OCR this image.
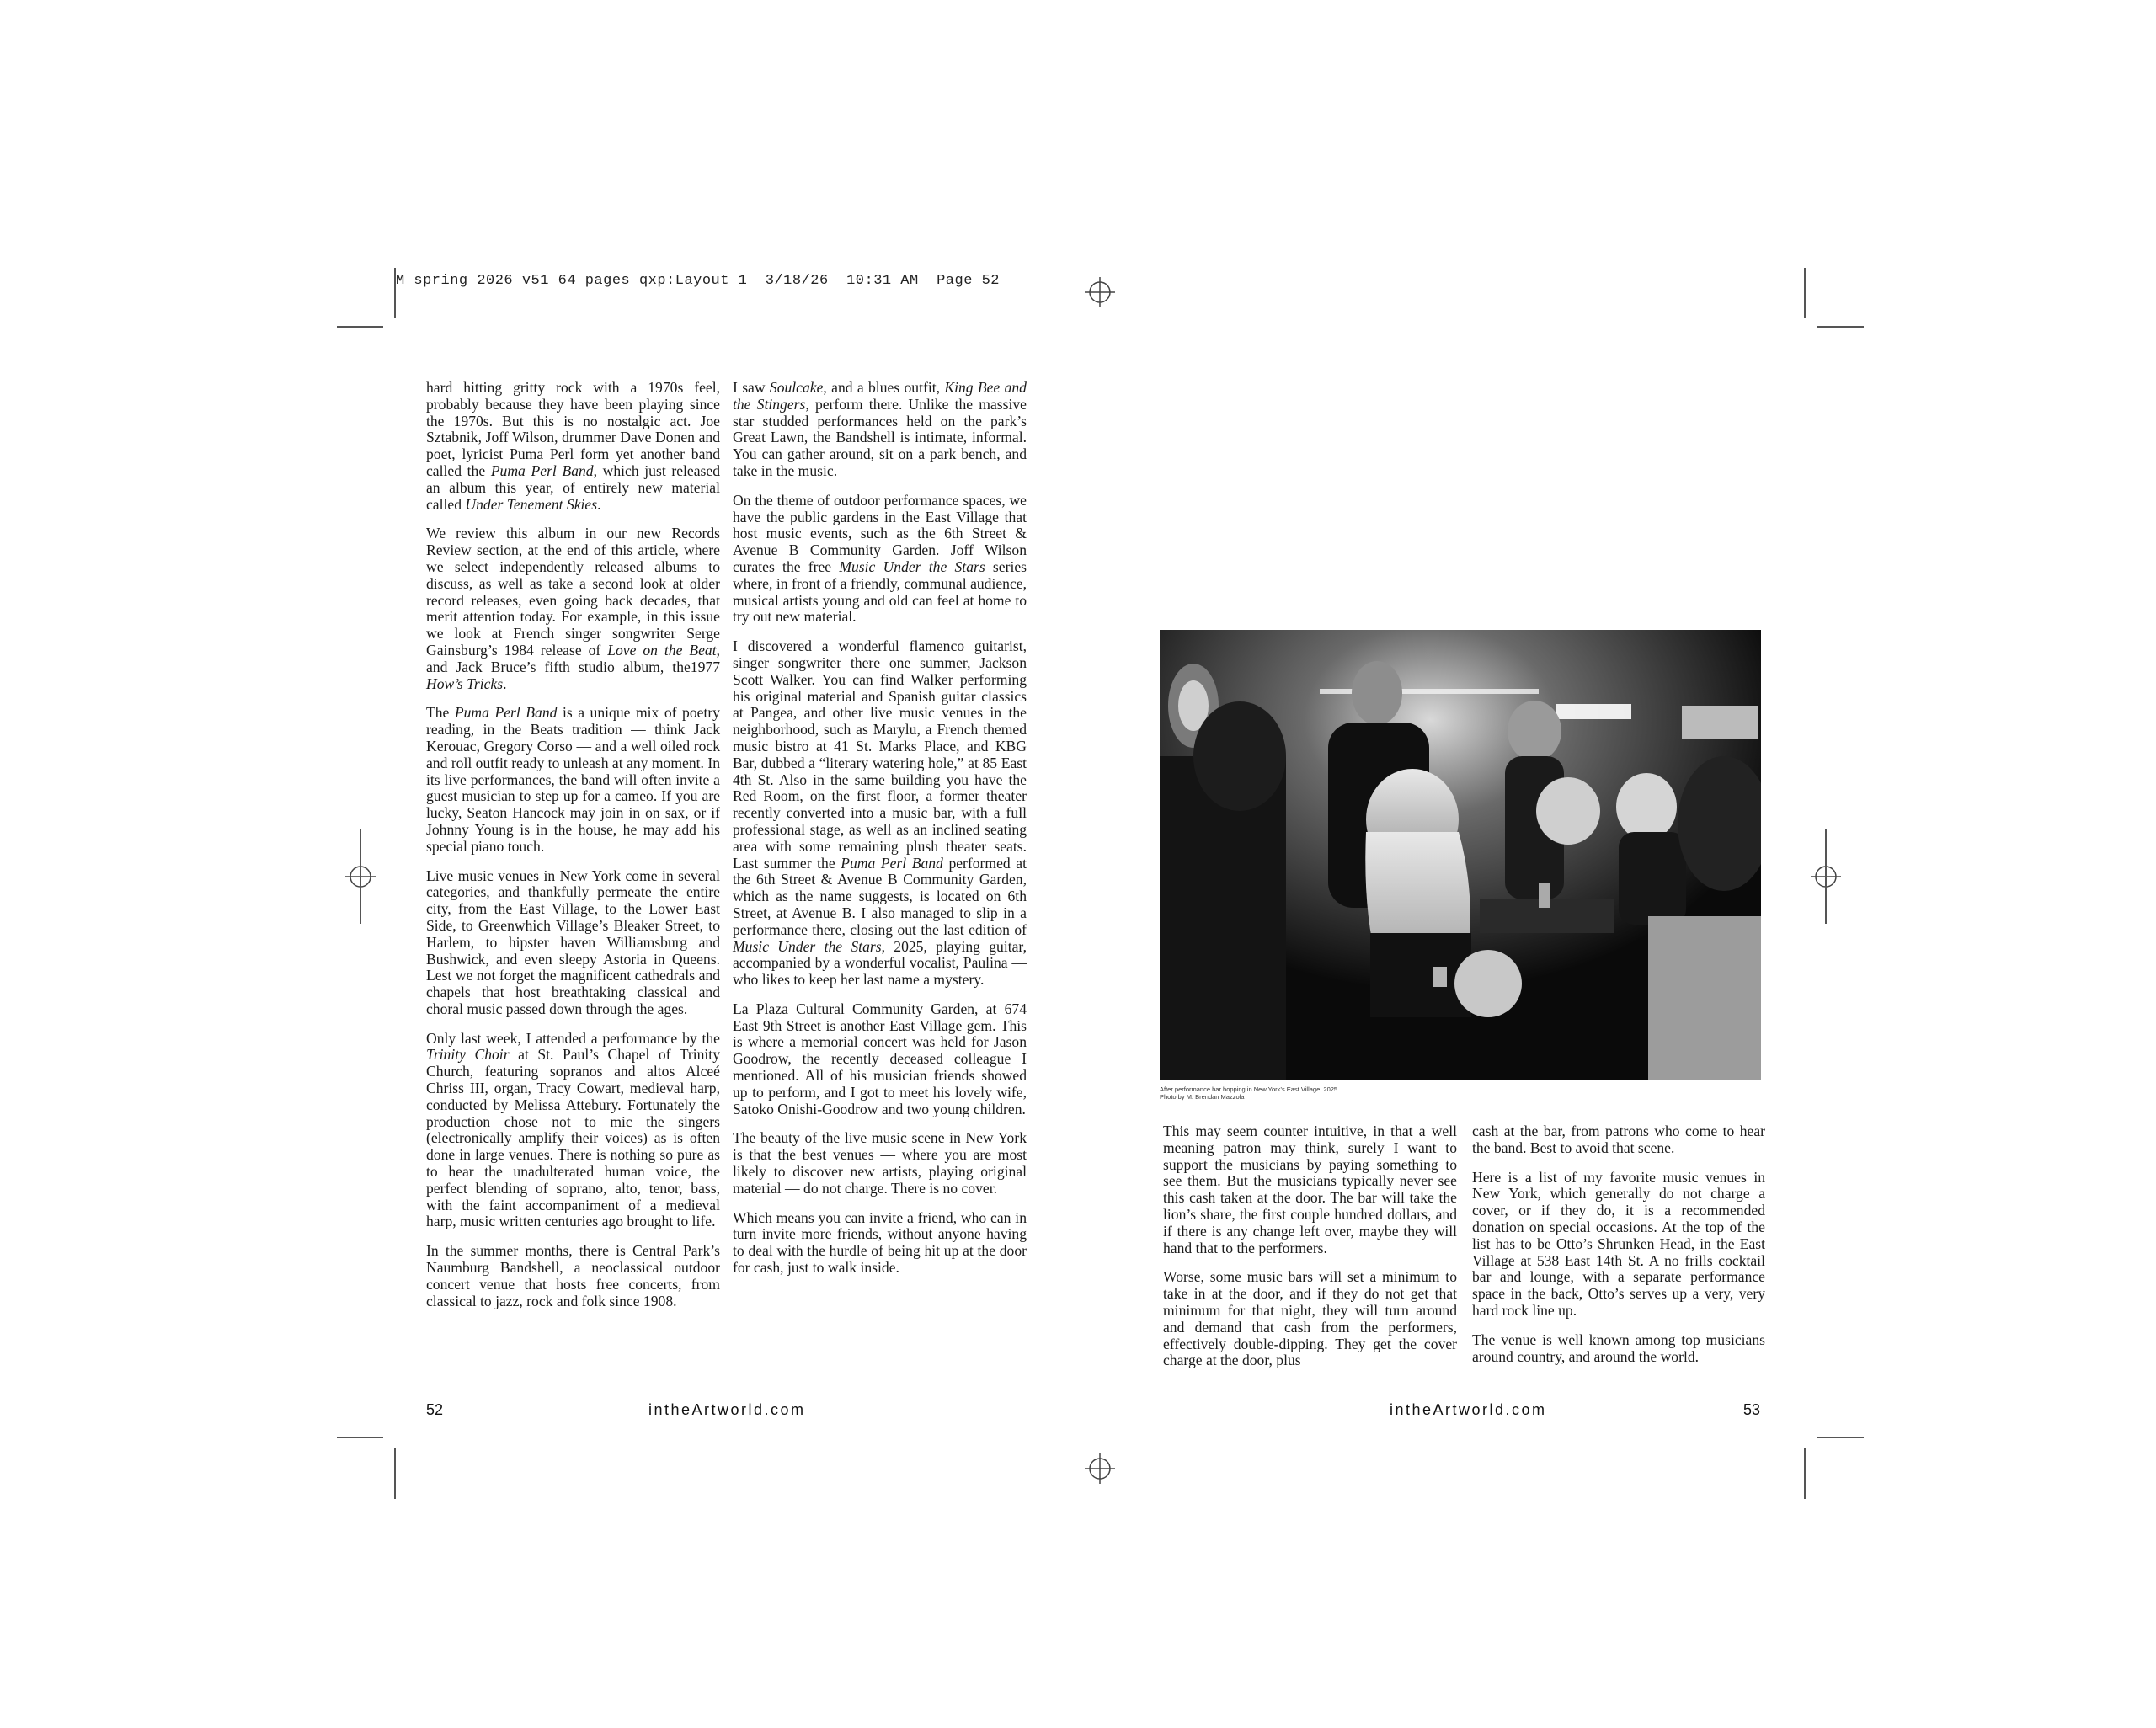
M_spring_2026_v51_64_pages_qxp:Layout 1  3/18/26  10:31 AM  Page 52

hard hitting gritty rock with a 1970s feel, probably because they have been playing since the 1970s. But this is no nostalgic act. Joe Sztabnik, Joff Wilson, drummer Dave Donen and poet, lyricist Puma Perl form yet another band called the Puma Perl Band, which just released an album this year, of entirely new material called Under Tenement Skies.

We review this album in our new Records Review section, at the end of this article, where we select independently released albums to discuss, as well as take a second look at older record releases, even going back decades, that merit attention today. For example, in this issue we look at French singer songwriter Serge Gainsburg’s 1984 release of Love on the Beat, and Jack Bruce’s fifth studio album, the1977 How’s Tricks.

The Puma Perl Band is a unique mix of poetry reading, in the Beats tradition — think Jack Kerouac, Gregory Corso — and a well oiled rock and roll outfit ready to unleash at any moment. In its live performances, the band will often invite a guest musician to step up for a cameo. If you are lucky, Seaton Hancock may join in on sax, or if Johnny Young is in the house, he may add his special piano touch.

Live music venues in New York come in several categories, and thankfully permeate the entire city, from the East Village, to the Lower East Side, to Greenwhich Village’s Bleaker Street, to Harlem, to hipster haven Williamsburg and Bushwick, and even sleepy Astoria in Queens. Lest we not forget the magnificent cathedrals and chapels that host breathtaking classical and choral music passed down through the ages.

Only last week, I attended a performance by the Trinity Choir at St. Paul’s Chapel of Trinity Church, featuring sopranos and altos Alceé Chriss III, organ, Tracy Cowart, medieval harp, conducted by Melissa Attebury. Fortunately the production chose not to mic the singers (electronically amplify their voices) as is often done in large venues. There is nothing so pure as to hear the unadulterated human voice, the perfect blending of soprano, alto, tenor, bass, with the faint accompaniment of a medieval harp, music written centuries ago brought to life.

In the summer months, there is Central Park’s Naumburg Bandshell, a neoclassical outdoor concert venue that hosts free concerts, from classical to jazz, rock and folk since 1908.

I saw Soulcake, and a blues outfit, King Bee and the Stingers, perform there. Unlike the massive star studded performances held on the park’s Great Lawn, the Bandshell is intimate, informal. You can gather around, sit on a park bench, and take in the music.

On the theme of outdoor performance spaces, we have the public gardens in the East Village that host music events, such as the 6th Street & Avenue B Community Garden. Joff Wilson curates the free Music Under the Stars series where, in front of a friendly, communal audience, musical artists young and old can feel at home to try out new material.

I discovered a wonderful flamenco guitarist, singer songwriter there one summer, Jackson Scott Walker. You can find Walker performing his original material and Spanish guitar classics at Pangea, and other live music venues in the neighborhood, such as Marylu, a French themed music bistro at 41 St. Marks Place, and KBG Bar, dubbed a “literary watering hole,” at 85 East 4th St. Also in the same building you have the Red Room, on the first floor, a former theater recently converted into a music bar, with a full professional stage, as well as an inclined seating area with some remaining plush theater seats. Last summer the Puma Perl Band performed at the 6th Street & Avenue B Community Garden, which as the name suggests, is located on 6th Street, at Avenue B. I also managed to slip in a performance there, closing out the last edition of Music Under the Stars, 2025, playing guitar, accompanied by a wonderful vocalist, Paulina — who likes to keep her last name a mystery.

La Plaza Cultural Community Garden, at 674 East 9th Street is another East Village gem. This is where a memorial concert was held for Jason Goodrow, the recently deceased colleague I mentioned. All of his musician friends showed up to perform, and I got to meet his lovely wife, Satoko Onishi-Goodrow and two young children.

The beauty of the live music scene in New York is that the best venues — where you are most likely to discover new artists, playing original material — do not charge. There is no cover.

Which means you can invite a friend, who can in turn invite more friends, without anyone having to deal with the hurdle of being hit up at the door for cash, just to walk inside.

52	intheArtworld.com
After performance bar hopping in New York’s East Village, 2025.
Photo by M. Brendan Mazzola

This may seem counter intuitive, in that a well meaning patron may think, surely I want to support the musicians by paying something to see them. But the musicians typically never see this cash taken at the door. The bar will take the lion’s share, the first couple hundred dollars, and if there is any change left over, maybe they will hand that to the performers.

Worse, some music bars will set a minimum to take in at the door, and if they do not get that minimum for that night, they will turn around and demand that cash from the performers, effectively double-dipping. They get the cover charge at the door, plus

cash at the bar, from patrons who come to hear the band. Best to avoid that scene.

Here is a list of my favorite music venues in New York, which generally do not charge a cover, or if they do, it is a recommended donation on special occasions. At the top of the list has to be Otto’s Shrunken Head, in the East Village at 538 East 14th St. A no frills cocktail bar and lounge, with a separate performance space in the back, Otto’s serves up a very, very hard rock line up.

The venue is well known among top musicians around country, and around the world.

intheArtworld.com	53
